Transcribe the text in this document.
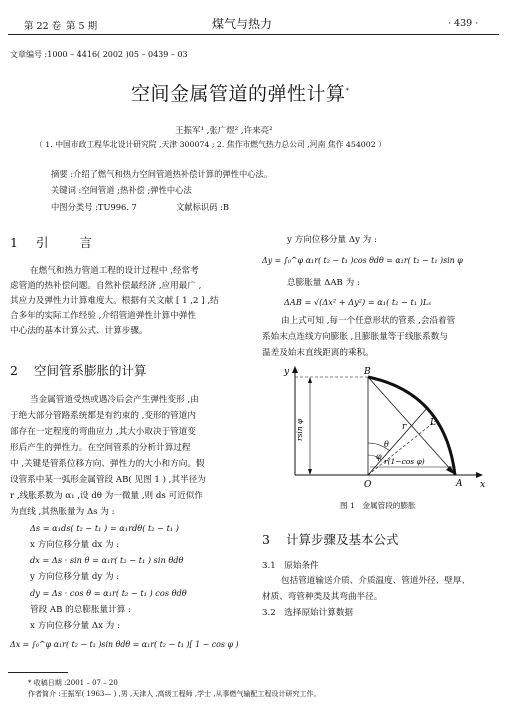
第 22 卷 第 5 期	煤气与热力	· 439 ·
文章编号 :1000 – 4416( 2002 )05 – 0439 – 03
空间金属管道的弹性计算*
王振军¹ ,张广煜² ,许来亮²
（ 1. 中国市政工程华北设计研究院 ,天津 300074 ; 2. 焦作市燃气热力总公司 ,河南 焦作 454002 ）
摘要 :介绍了燃气和热力空间管道热补偿计算的弹性中心法。
关键词 :空间管道 ;热补偿 ;弹性中心法
中图分类号 :TU996. 7	文献标识码 :B
1 引　　言
在燃气和热力管道工程的设计过程中 ,经常考
虑管道的热补偿问题。自然补偿最经济 ,应用最广 ,
其应力及弹性力计算难度大。根据有关文献 [ 1 ,2 ] ,结
合多年的实际工作经验 ,介绍管道弹性计算中弹性
中心法的基本计算公式、计算步骤。
2 空间管系膨胀的计算
当金属管道受热或遇冷后会产生弹性变形 ,由
于绝大部分管路系统都是有约束的 ,变形的管道内
部存在一定程度的弯曲应力 ,其大小取决于管道变
形后产生的弹性力。在空间管系的分析计算过程
中 ,关键是管系位移方向、弹性力的大小和方向。假
设管系中某一弧形金属管段 AB( 见图 1 ) ,其半径为
r ,线胀系数为 α₁ ,设 dθ 为一微量 ,则 ds 可近似作
为直线 ,其热胀量为 Δs 为 :
Δs = α₁ds( t₂ − t₁ ) = α₁rdθ( t₂ − t₁ )
x 方向位移分量 dx 为 :
dx = Δs · sin θ = α₁r( t₂ − t₁ ) sin θdθ
y 方向位移分量 dy 为 :
dy = Δs · cos θ = α₁r( t₂ − t₁ ) cos θdθ
管段 AB 的总膨胀量计算 :
x 方向位移分量 Δx 为 :
Δx = ∫₀^φ α₁r( t₂ − t₁ )sin θdθ = α₁r( t₂ − t₁ )[ 1 − cos φ )
y 方向位移分量 Δy 为 :
Δy = ∫₀^φ α₁r( t₂ − t₁ )cos θdθ = α₁r( t₂ − t₁ )sin φ
总膨胀量 ΔAB 为 :
ΔAB = √(Δx² + Δy²) = α₁( t₂ − t₁ )Lₛ
由上式可知 ,每一个任意形状的管系 ,会沿着管
系始末点连线方向膨胀 ,且膨胀量等于线胀系数与
温差及始末直线距离的乘积。
y
x
B
A
O
L
r
θ
φ
r(1−cos φ)
rsin φ
图 1　金属管段的膨胀
3 计算步骤及基本公式
3.1　原始条件
包括管道输送介质、介质温度、管道外径、壁厚、
材质、弯管种类及其弯曲半径。
3.2　选择原始计算数据
* 收稿日期 :2001 – 07 – 20
作者简介 :王振军( 1963— ) ,男 ,天津人 ,高级工程师 ,学士 ,从事燃气输配工程设计研究工作。
